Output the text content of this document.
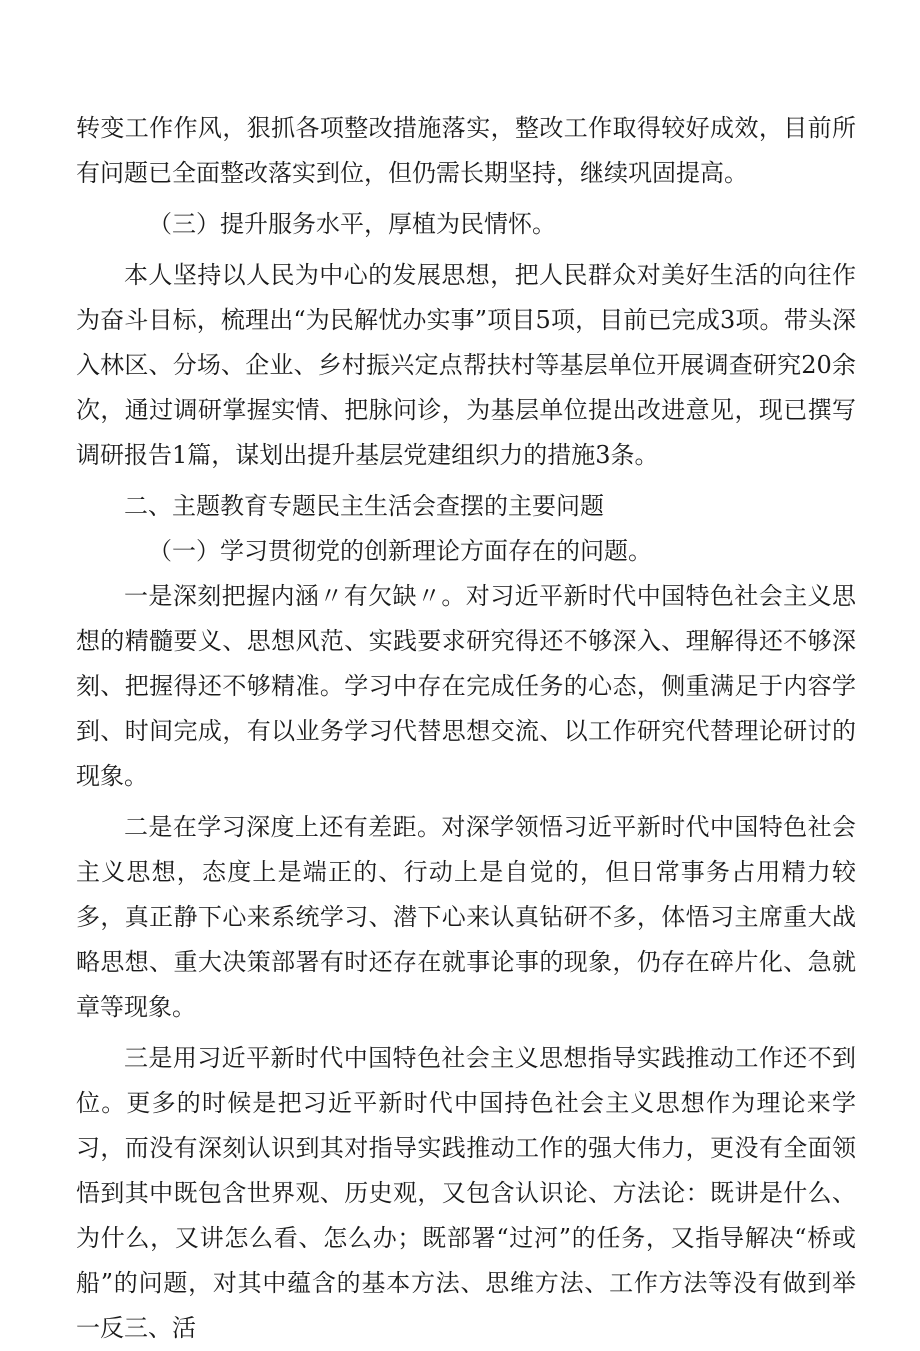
转变工作作风，狠抓各项整改措施落实，整改工作取得较好成效，目前所有问题已全面整改落实到位，但仍需长期坚持，继续巩固提高。

（三）提升服务水平，厚植为民情怀。

本人坚持以人民为中心的发展思想，把人民群众对美好生活的向往作为奋斗目标，梳理出“为民解忧办实事”项目5项，目前已完成3项。带头深入林区、分场、企业、乡村振兴定点帮扶村等基层单位开展调查研究20余次，通过调研掌握实情、把脉问诊，为基层单位提出改进意见，现已撰写调研报告1篇，谋划出提升基层党建组织力的措施3条。

二、主题教育专题民主生活会查摆的主要问题

（一）学习贯彻党的创新理论方面存在的问题。

一是深刻把握内涵〃有欠缺〃。对习近平新时代中国特色社会主义思想的精髓要义、思想风范、实践要求研究得还不够深入、理解得还不够深刻、把握得还不够精准。学习中存在完成任务的心态，侧重满足于内容学到、时间完成，有以业务学习代替思想交流、以工作研究代替理论研讨的现象。

二是在学习深度上还有差距。对深学领悟习近平新时代中国特色社会主义思想，态度上是端正的、行动上是自觉的，但日常事务占用精力较多，真正静下心来系统学习、潜下心来认真钻研不多，体悟习主席重大战略思想、重大决策部署有时还存在就事论事的现象，仍存在碎片化、急就章等现象。

三是用习近平新时代中国特色社会主义思想指导实践推动工作还不到位。更多的时候是把习近平新时代中国持色社会主义思想作为理论来学习，而没有深刻认识到其对指导实践推动工作的强大伟力，更没有全面领悟到其中既包含世界观、历史观，又包含认识论、方法论：既讲是什么、为什么，又讲怎么看、怎么办；既部署“过河”的任务，又指导解决“桥或船”的问题，对其中蕴含的基本方法、思维方法、工作方法等没有做到举一反三、活
